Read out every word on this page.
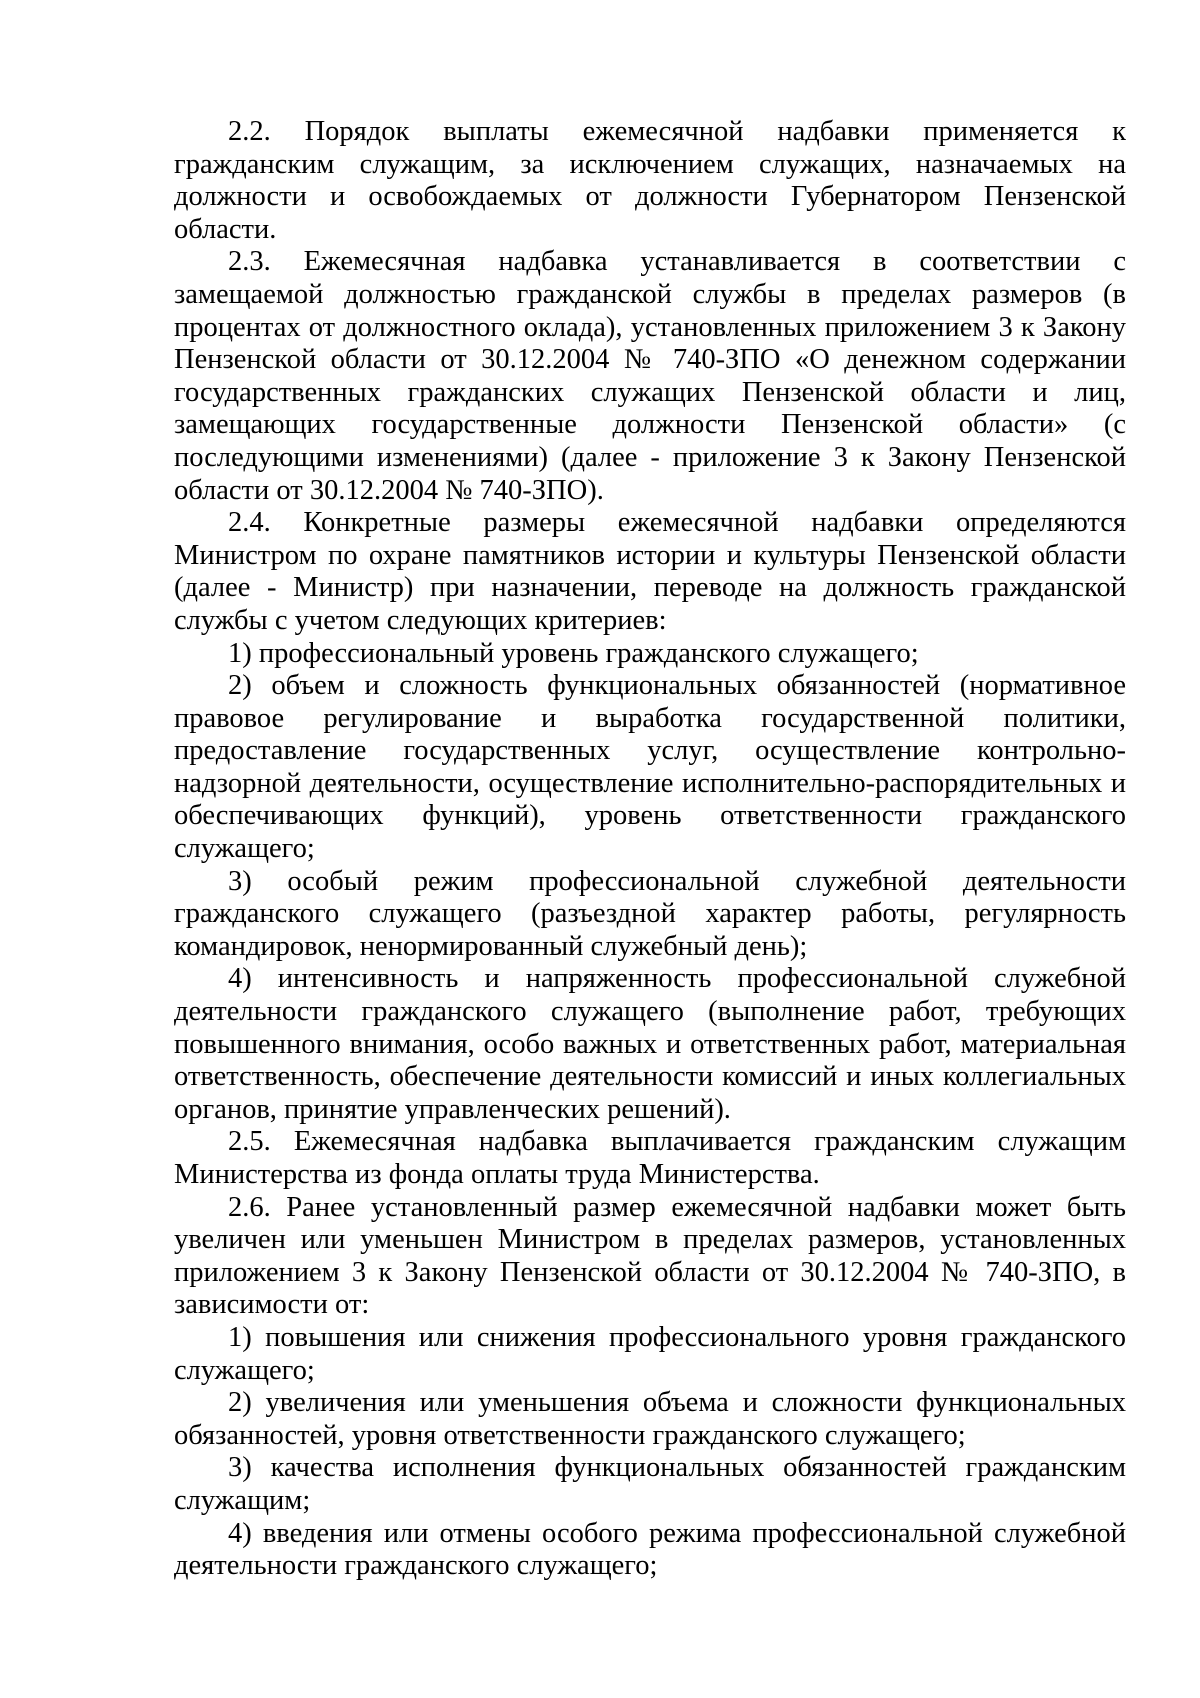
2.2. Порядок выплаты ежемесячной надбавки применяется к гражданским служащим, за исключением служащих, назначаемых на должности и освобождаемых от должности Губернатором Пензенской области.

2.3. Ежемесячная надбавка устанавливается в соответствии с замещаемой должностью гражданской службы в пределах размеров (в процентах от должностного оклада), установленных приложением 3 к Закону Пензенской области от 30.12.2004 № 740-ЗПО «О денежном содержании государственных гражданских служащих Пензенской области и лиц, замещающих государственные должности Пензенской области» (с последующими изменениями) (далее - приложение 3 к Закону Пензенской области от 30.12.2004 № 740-ЗПО).

2.4. Конкретные размеры ежемесячной надбавки определяются Министром по охране памятников истории и культуры Пензенской области (далее - Министр) при назначении, переводе на должность гражданской службы с учетом следующих критериев:

1) профессиональный уровень гражданского служащего;

2) объем и сложность функциональных обязанностей (нормативное правовое регулирование и выработка государственной политики, предоставление государственных услуг, осуществление контрольно-надзорной деятельности, осуществление исполнительно-распорядительных и обеспечивающих функций), уровень ответственности гражданского служащего;

3) особый режим профессиональной служебной деятельности гражданского служащего (разъездной характер работы, регулярность командировок, ненормированный служебный день);

4) интенсивность и напряженность профессиональной служебной деятельности гражданского служащего (выполнение работ, требующих повышенного внимания, особо важных и ответственных работ, материальная ответственность, обеспечение деятельности комиссий и иных коллегиальных органов, принятие управленческих решений).

2.5. Ежемесячная надбавка выплачивается гражданским служащим Министерства из фонда оплаты труда Министерства.

2.6. Ранее установленный размер ежемесячной надбавки может быть увеличен или уменьшен Министром в пределах размеров, установленных приложением 3 к Закону Пензенской области от 30.12.2004 № 740-ЗПО, в зависимости от:

1) повышения или снижения профессионального уровня гражданского служащего;

2) увеличения или уменьшения объема и сложности функциональных обязанностей, уровня ответственности гражданского служащего;

3) качества исполнения функциональных обязанностей гражданским служащим;

4) введения или отмены особого режима профессиональной служебной деятельности гражданского служащего;
